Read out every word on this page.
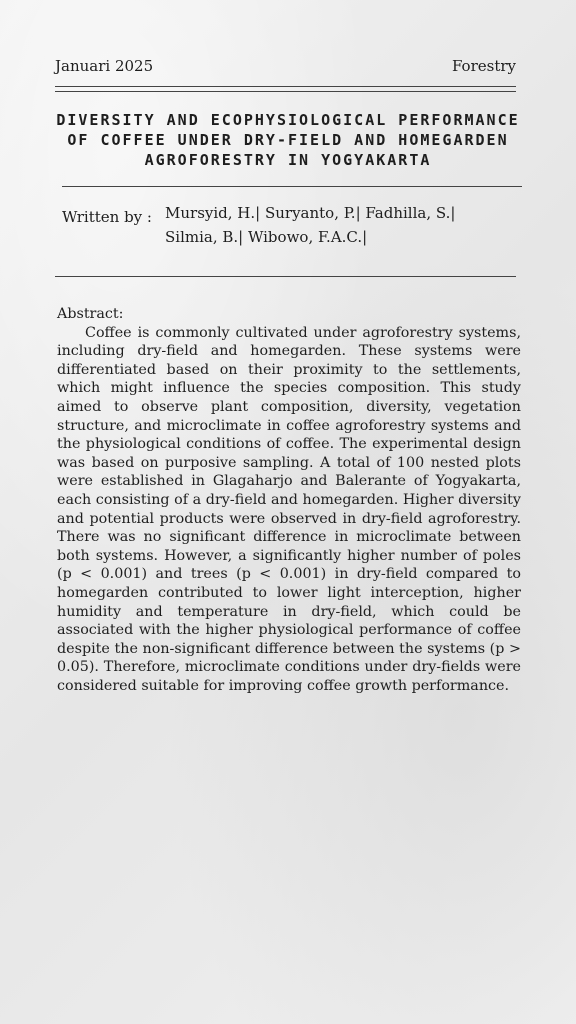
Januari 2025	Forestry
DIVERSITY AND ECOPHYSIOLOGICAL PERFORMANCE OF COFFEE UNDER DRY-FIELD AND HOMEGARDEN AGROFORESTRY IN YOGYAKARTA
Written by : Mursyid, H.| Suryanto, P.| Fadhilla, S.|
Silmia, B.| Wibowo, F.A.C.|
Abstract:
Coffee is commonly cultivated under agroforestry systems, including dry-field and homegarden. These systems were differentiated based on their proximity to the settlements, which might influence the species composition. This study aimed to observe plant composition, diversity, vegetation structure, and microclimate in coffee agroforestry systems and the physiological conditions of coffee. The experimental design was based on purposive sampling. A total of 100 nested plots were established in Glagaharjo and Balerante of Yogyakarta, each consisting of a dry-field and homegarden. Higher diversity and potential products were observed in dry-field agroforestry. There was no significant difference in microclimate between both systems. However, a significantly higher number of poles (p < 0.001) and trees (p < 0.001) in dry-field compared to homegarden contributed to lower light interception, higher humidity and temperature in dry-field, which could be associated with the higher physiological performance of coffee despite the non-significant difference between the systems (p > 0.05). Therefore, microclimate conditions under dry-fields were considered suitable for improving coffee growth performance.
